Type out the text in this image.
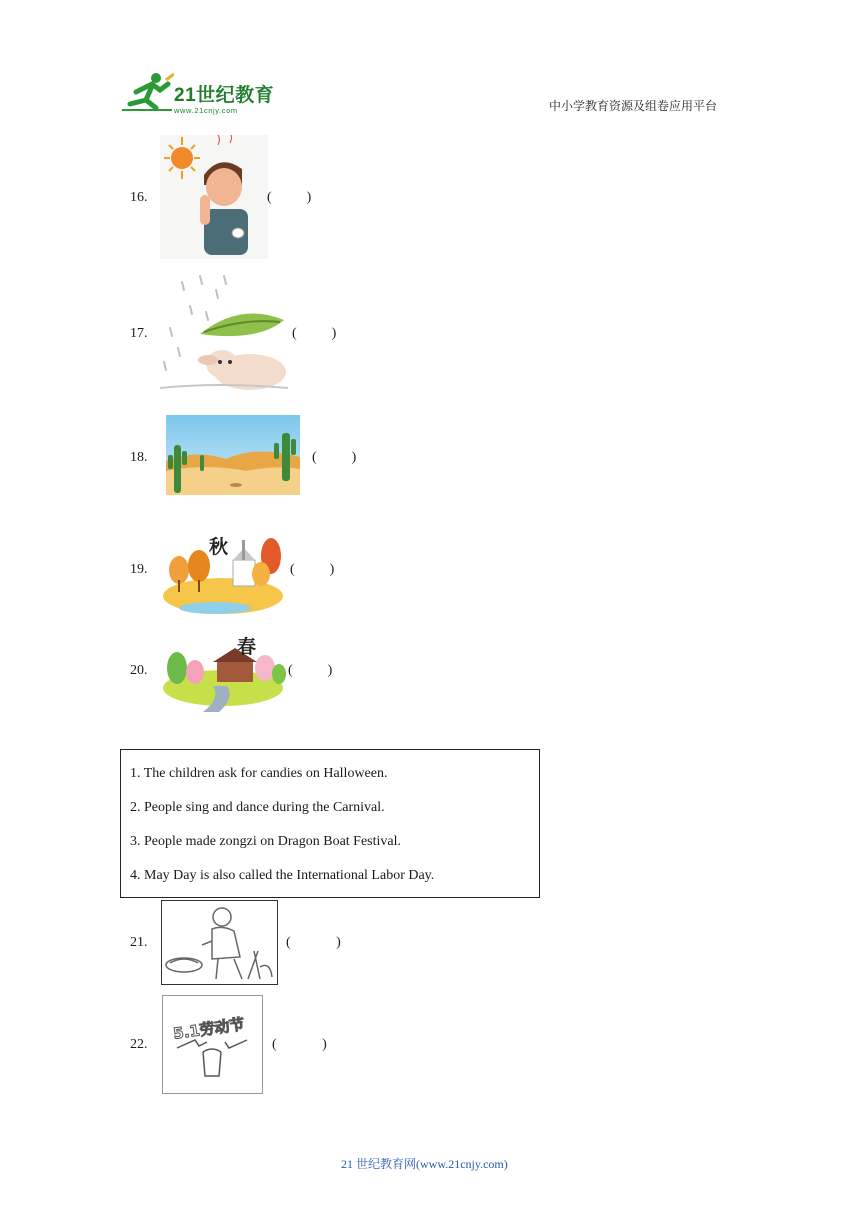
21世纪教育
www.21cnjy.com	中小学教育资源及组卷应用平台
16.	(          )
17.	(          )
18.	(          )
19.
秋
(          )
20.
春
(          )

1. The children ask for candies on Halloween.

2. People sing and dance during the Carnival.

3. People made zongzi on Dragon Boat Festival.

4. May Day is also called the International Labor Day.

21.	(             )
22.
5.1劳动节
(             )
21 世纪教育网(www.21cnjy.com)
